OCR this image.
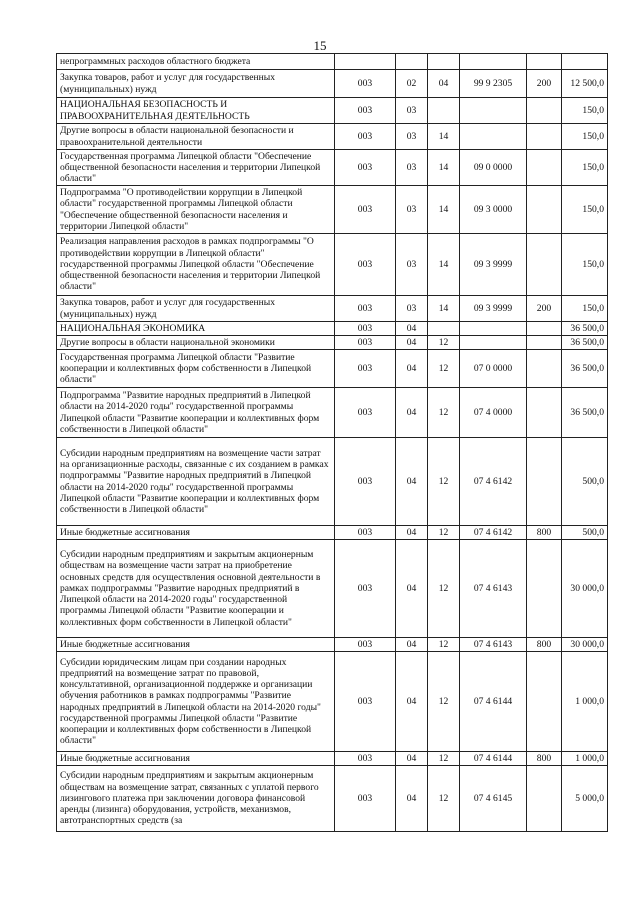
15
непрограммных расходов областного бюджета						
Закупка товаров, работ и услуг для государственных (муниципальных) нужд	003	02	04	99 9 2305	200	12 500,0
НАЦИОНАЛЬНАЯ БЕЗОПАСНОСТЬ И ПРАВООХРАНИТЕЛЬНАЯ ДЕЯТЕЛЬНОСТЬ	003	03				150,0
Другие вопросы в области национальной безопасности и правоохранительной деятельности	003	03	14			150,0
Государственная программа Липецкой области "Обеспечение общественной безопасности населения и территории Липецкой области"	003	03	14	09 0 0000		150,0
Подпрограмма "О противодействии коррупции в Липецкой области" государственной программы Липецкой области "Обеспечение общественной безопасности населения и территории Липецкой области"	003	03	14	09 3 0000		150,0
Реализация направления расходов в рамках подпрограммы "О противодействии коррупции в Липецкой области" государственной программы Липецкой области "Обеспечение общественной безопасности населения и территории Липецкой области"	003	03	14	09 3 9999		150,0
Закупка товаров, работ и услуг для государственных (муниципальных) нужд	003	03	14	09 3 9999	200	150,0
НАЦИОНАЛЬНАЯ ЭКОНОМИКА	003	04				36 500,0
Другие вопросы в области национальной экономики	003	04	12			36 500,0
Государственная программа Липецкой области "Развитие кооперации и коллективных форм собственности в Липецкой области"	003	04	12	07 0 0000		36 500,0
Подпрограмма "Развитие народных предприятий в Липецкой области на 2014-2020 годы" государственной программы Липецкой области "Развитие кооперации и коллективных форм собственности в Липецкой области"	003	04	12	07 4 0000		36 500,0
Субсидии народным предприятиям на возмещение части затрат на организационные расходы, связанные с их созданием в рамках подпрограммы "Развитие народных предприятий в Липецкой области на 2014-2020 годы" государственной программы Липецкой области "Развитие кооперации и коллективных форм собственности в Липецкой области"	003	04	12	07 4 6142		500,0
Иные бюджетные ассигнования	003	04	12	07 4 6142	800	500,0
Субсидии народным предприятиям и закрытым акционерным обществам на возмещение части затрат на приобретение основных средств для осуществления основной деятельности в рамках подпрограммы "Развитие народных предприятий в Липецкой области на 2014-2020 годы" государственной программы Липецкой области "Развитие кооперации и коллективных форм собственности в Липецкой области"	003	04	12	07 4 6143		30 000,0
Иные бюджетные ассигнования	003	04	12	07 4 6143	800	30 000,0
Субсидии юридическим лицам при создании народных предприятий на возмещение затрат по правовой, консультативной, организационной поддержке и организации обучения работников в рамках подпрограммы "Развитие народных предприятий в Липецкой области на 2014-2020 годы" государственной программы Липецкой области "Развитие кооперации и коллективных форм собственности в Липецкой области"	003	04	12	07 4 6144		1 000,0
Иные бюджетные ассигнования	003	04	12	07 4 6144	800	1 000,0
Субсидии народным предприятиям и закрытым акционерным обществам на возмещение затрат, связанных с уплатой первого лизингового платежа при заключении договора финансовой аренды (лизинга) оборудования, устройств, механизмов, автотранспортных средств (за	003	04	12	07 4 6145		5 000,0
